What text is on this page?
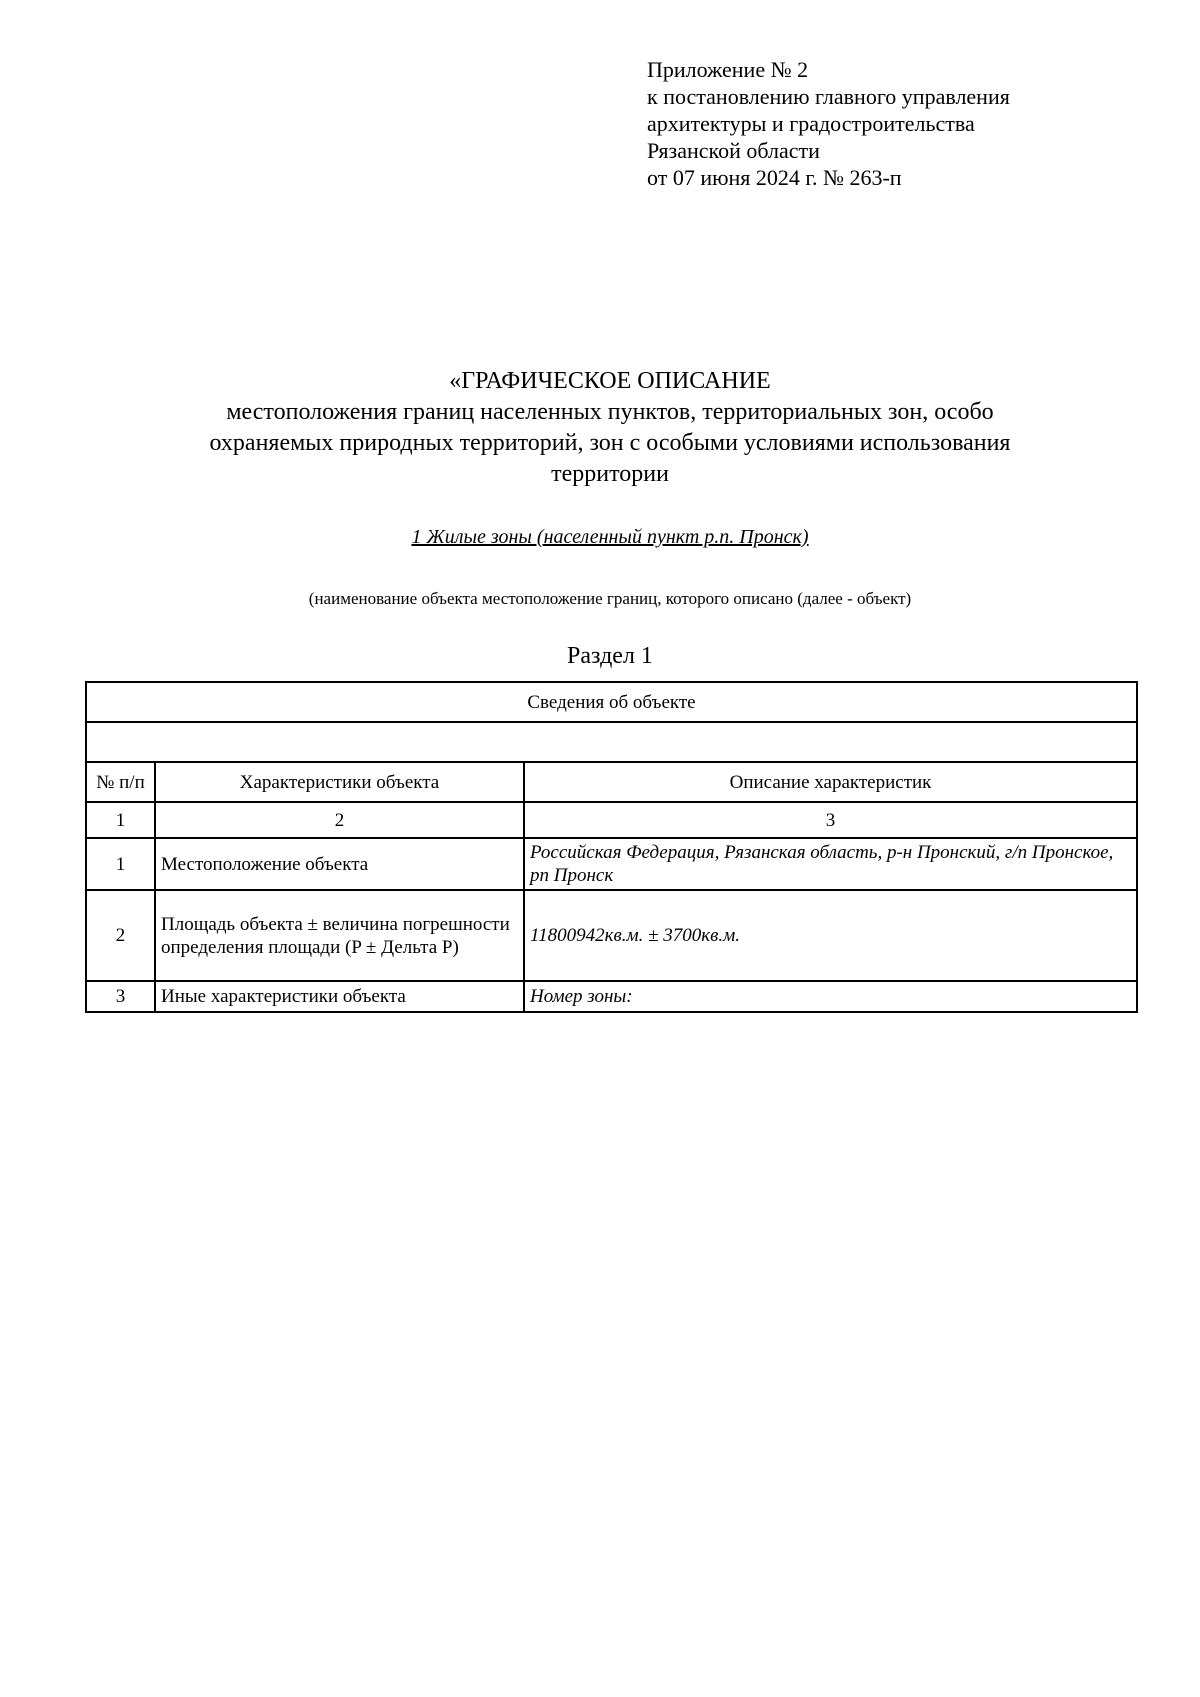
Приложение № 2
к постановлению главного управления
архитектуры и градостроительства
Рязанской области
от 07 июня 2024 г. № 263-п
«ГРАФИЧЕСКОЕ ОПИСАНИЕ
местоположения границ населенных пунктов, территориальных зон, особо
охраняемых природных территорий, зон с особыми условиями использования
территории
1 Жилые зоны (населенный пункт р.п. Пронск)
(наименование объекта местоположение границ, которого описано (далее - объект)
Раздел 1
Сведения об объекте		

№ п/п	Характеристики объекта	Описание характеристик
1	2	3
1	Местоположение объекта	Российская Федерация, Рязанская область, р-н Пронский, г/п Пронское, рп Пронск
2	Площадь объекта ± величина погрешности определения площади (P ± Дельта P)	11800942кв.м. ± 3700кв.м.
3	Иные характеристики объекта	Номер зоны:
